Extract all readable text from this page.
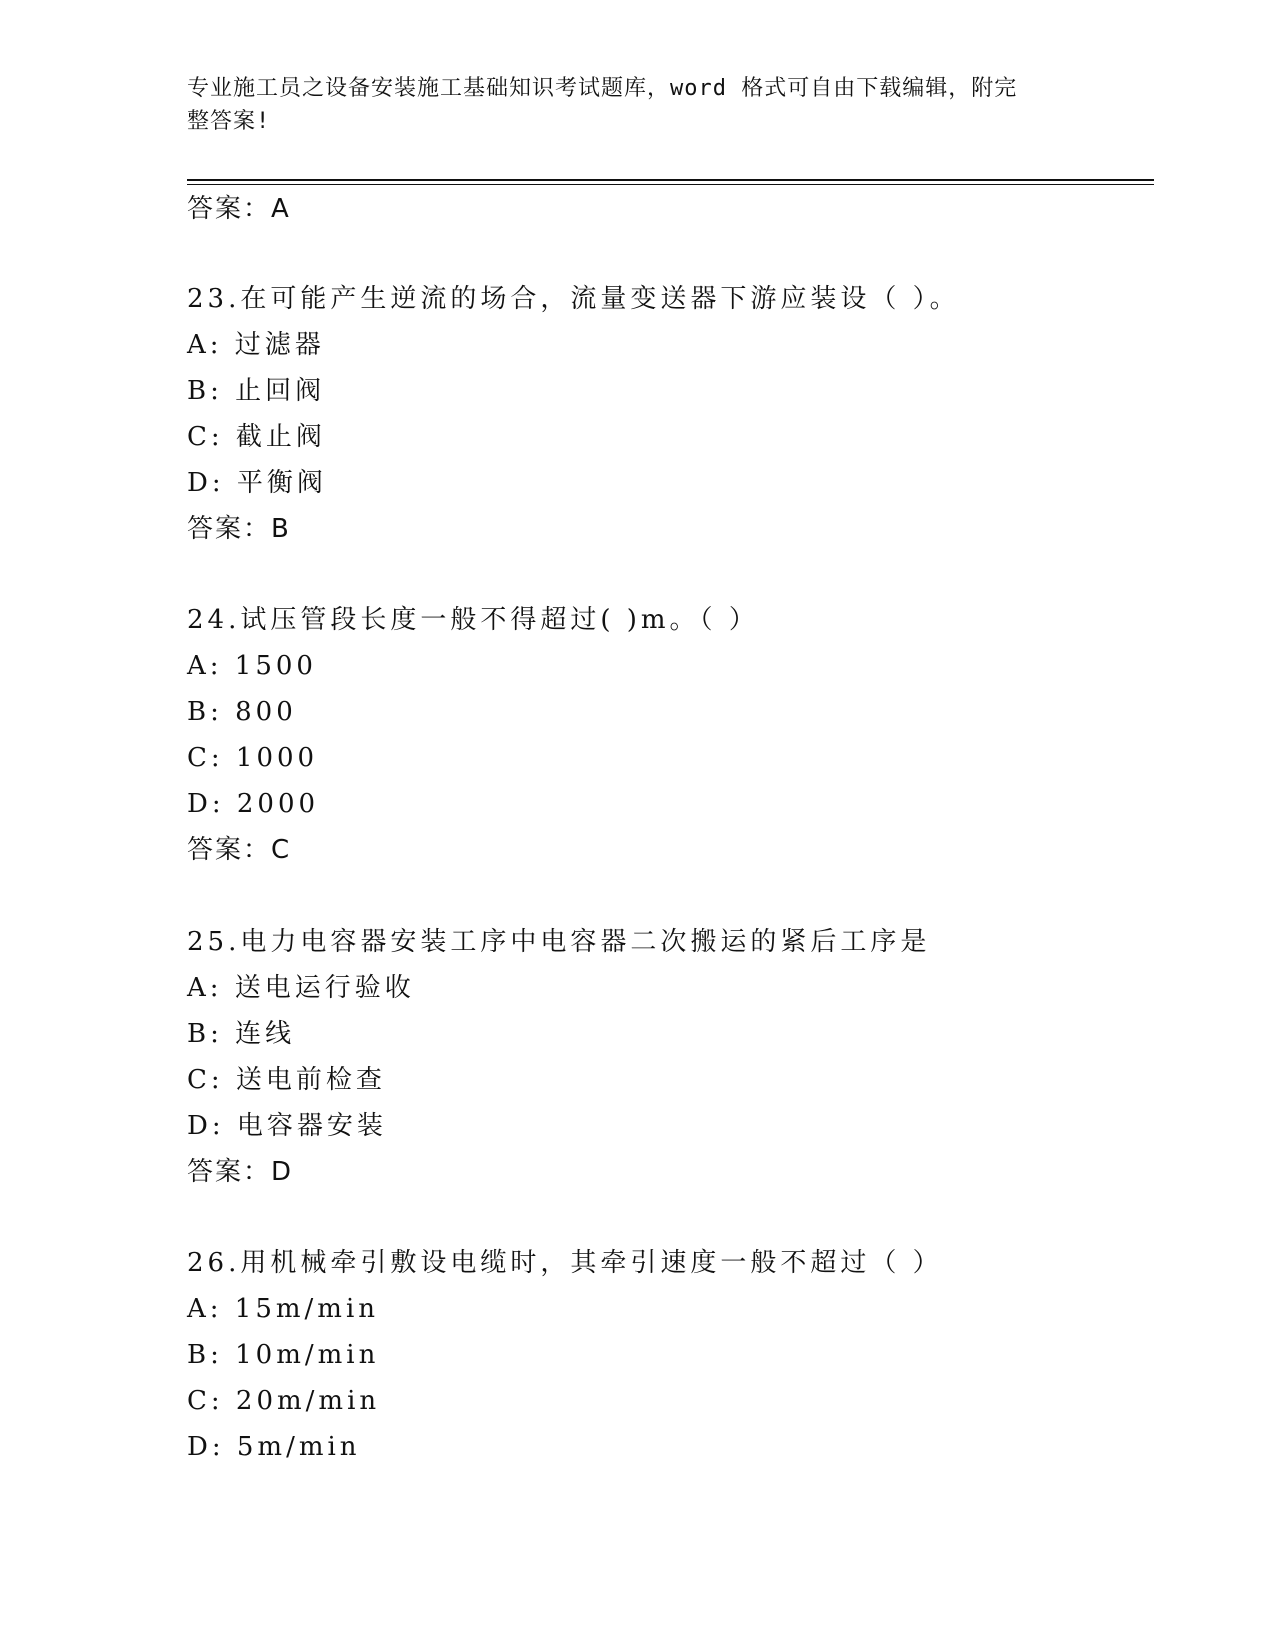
专业施工员之设备安装施工基础知识考试题库，word 格式可自由下载编辑，附完
整答案!
答案：A
23.在可能产生逆流的场合，流量变送器下游应装设（ ）。
A: 过滤器
B: 止回阀
C: 截止阀
D: 平衡阀
答案：B
24.试压管段长度一般不得超过( )m。（ ）
A: 1500
B: 800
C: 1000
D: 2000
答案：C
25.电力电容器安装工序中电容器二次搬运的紧后工序是
A: 送电运行验收
B: 连线
C: 送电前检查
D: 电容器安装
答案：D
26.用机械牵引敷设电缆时，其牵引速度一般不超过（ ）
A: 15m/min
B: 10m/min
C: 20m/min
D: 5m/min
